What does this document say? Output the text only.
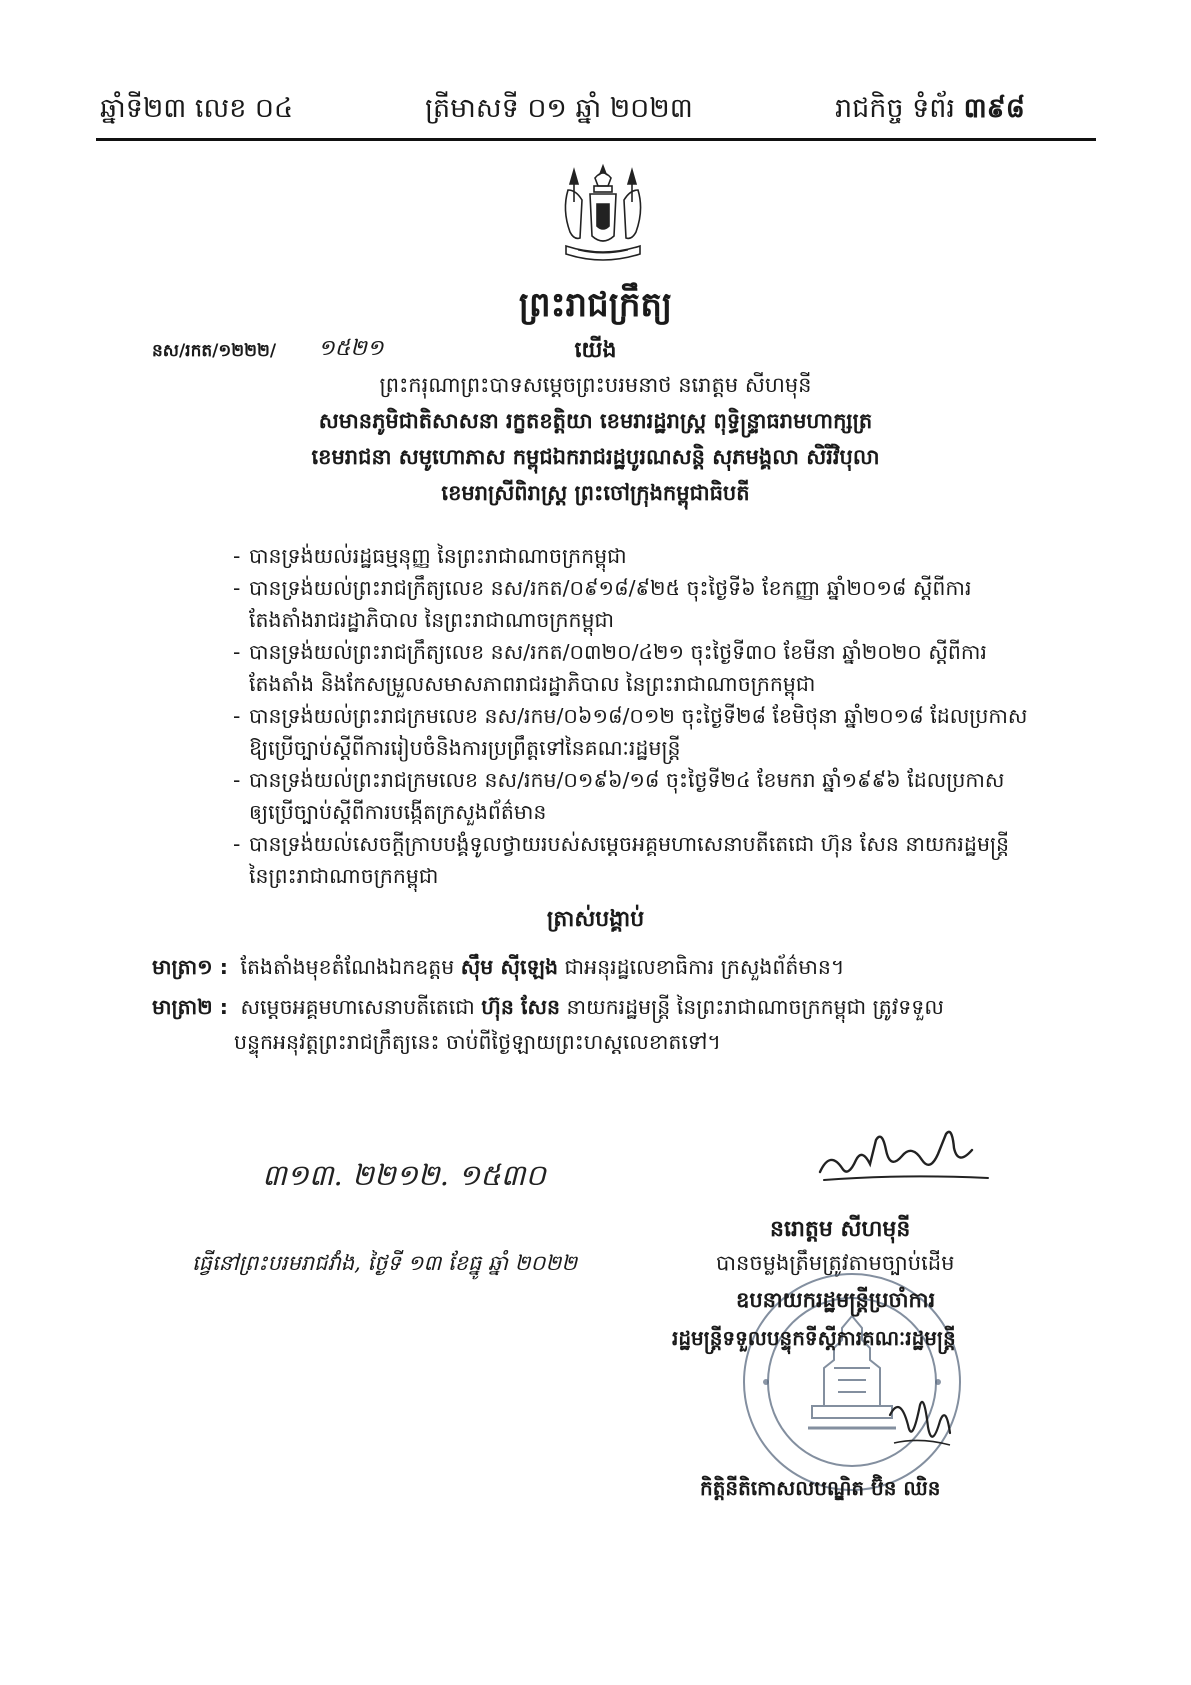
ឆ្នាំទី២៣ លេខ ០៤	ត្រីមាសទី ០១ ឆ្នាំ ២០២៣	រាជកិច្ច ទំព័រ ៣៩៨
ព្រះរាជក្រឹត្យ
នស/រកត/១២២២/ ១៥២១	យើង
ព្រះករុណាព្រះបាទសម្តេចព្រះបរមនាថ នរោត្តម សីហមុនី
សមានភូមិជាតិសាសនា រក្ខតខត្តិយា ខេមរារដ្ឋរាស្ត្រ ពុទ្ធិន្ទ្រាធរាមហាក្សត្រ
ខេមរាជនា សមូហោភាស កម្ពុជឯករាជរដ្ឋបូរណសន្តិ សុភមង្គលា សិរីវិបុលា
ខេមរាស្រីពិរាស្ត្រ ព្រះចៅក្រុងកម្ពុជាធិបតី
- បានទ្រង់យល់រដ្ឋធម្មនុញ្ញ នៃព្រះរាជាណាចក្រកម្ពុជា
- បានទ្រង់យល់ព្រះរាជក្រឹត្យលេខ នស/រកត/០៩១៨/៩២៥ ចុះថ្ងៃទី៦ ខែកញ្ញា ឆ្នាំ២០១៨ ស្តីពីការ
តែងតាំងរាជរដ្ឋាភិបាល នៃព្រះរាជាណាចក្រកម្ពុជា
- បានទ្រង់យល់ព្រះរាជក្រឹត្យលេខ នស/រកត/០៣២០/៤២១ ចុះថ្ងៃទី៣០ ខែមីនា ឆ្នាំ២០២០ ស្តីពីការ
តែងតាំង និងកែសម្រួលសមាសភាពរាជរដ្ឋាភិបាល នៃព្រះរាជាណាចក្រកម្ពុជា
- បានទ្រង់យល់ព្រះរាជក្រមលេខ នស/រកម/០៦១៨/០១២ ចុះថ្ងៃទី២៨ ខែមិថុនា ឆ្នាំ២០១៨ ដែលប្រកាស
ឱ្យប្រើច្បាប់ស្តីពីការរៀបចំនិងការប្រព្រឹត្តទៅនៃគណៈរដ្ឋមន្ត្រី
- បានទ្រង់យល់ព្រះរាជក្រមលេខ នស/រកម/០១៩៦/១៨ ចុះថ្ងៃទី២៤ ខែមករា ឆ្នាំ១៩៩៦ ដែលប្រកាស
ឲ្យប្រើច្បាប់ស្តីពីការបង្កើតក្រសួងព័ត៌មាន
- បានទ្រង់យល់សេចក្តីក្រាបបង្គំទូលថ្វាយរបស់សម្តេចអគ្គមហាសេនាបតីតេជោ ហ៊ុន សែន នាយករដ្ឋមន្ត្រី
នៃព្រះរាជាណាចក្រកម្ពុជា
ត្រាស់បង្គាប់
មាត្រា១ : តែងតាំងមុខតំណែងឯកឧត្តម ស៊ឹម ស៊ីឡេង ជាអនុរដ្ឋលេខាធិការ ក្រសួងព័ត៌មាន។
មាត្រា២ : សម្តេចអគ្គមហាសេនាបតីតេជោ ហ៊ុន សែន នាយករដ្ឋមន្ត្រី នៃព្រះរាជាណាចក្រកម្ពុជា ត្រូវទទួល
បន្ទុកអនុវត្តព្រះរាជក្រឹត្យនេះ ចាប់ពីថ្ងៃឡាយព្រះហស្តលេខាតទៅ។
៣១៣. ២២១២. ១៥៣០
នរោត្តម សីហមុនី
ធ្វើនៅព្រះបរមរាជវាំង, ថ្ងៃទី ១៣ ខែធ្នូ ឆ្នាំ ២០២២	បានចម្លងត្រឹមត្រូវតាមច្បាប់ដើម
ឧបនាយករដ្ឋមន្ត្រីប្រចាំការ
រដ្ឋមន្ត្រីទទួលបន្ទុកទីស្តីការគណៈរដ្ឋមន្ត្រី
កិត្តិនីតិកោសលបណ្ឌិត ប៊ិន ឈិន
